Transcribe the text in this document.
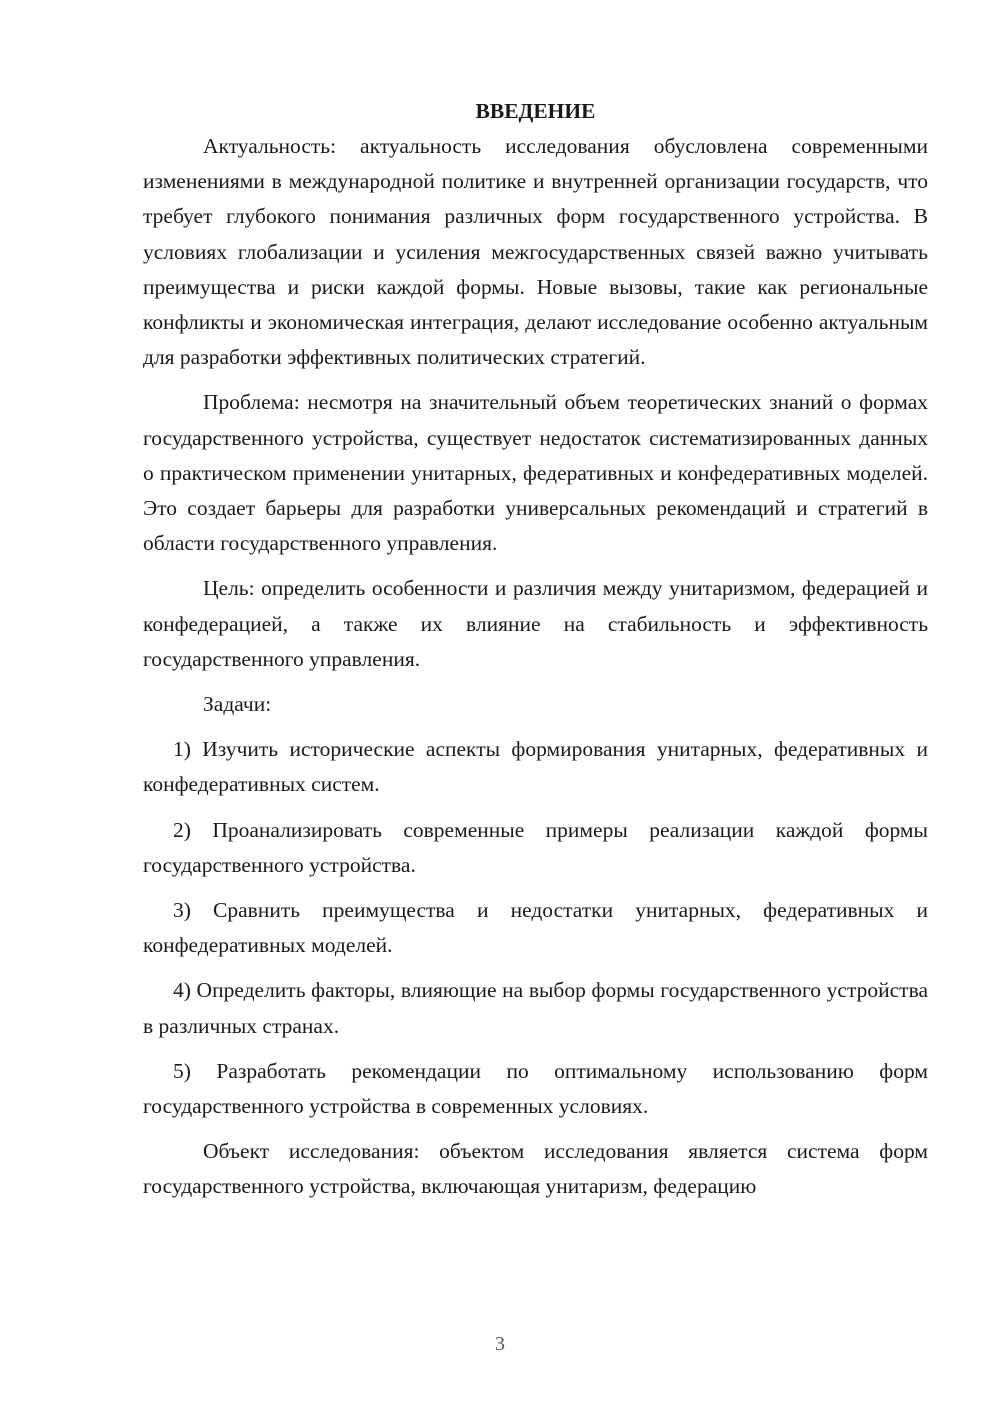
ВВЕДЕНИЕ

Актуальность: актуальность исследования обусловлена современными изменениями в международной политике и внутренней организации государств, что требует глубокого понимания различных форм государственного устройства. В условиях глобализации и усиления межгосударственных связей важно учитывать преимущества и риски каждой формы. Новые вызовы, такие как региональные конфликты и экономическая интеграция, делают исследование особенно актуальным для разработки эффективных политических стратегий.

Проблема: несмотря на значительный объем теоретических знаний о формах государственного устройства, существует недостаток систематизированных данных о практическом применении унитарных, федеративных и конфедеративных моделей. Это создает барьеры для разработки универсальных рекомендаций и стратегий в области государственного управления.

Цель: определить особенности и различия между унитаризмом, федерацией и конфедерацией, а также их влияние на стабильность и эффективность государственного управления.

Задачи:

1) Изучить исторические аспекты формирования унитарных, федеративных и конфедеративных систем.

2) Проанализировать современные примеры реализации каждой формы государственного устройства.

3) Сравнить преимущества и недостатки унитарных, федеративных и конфедеративных моделей.

4) Определить факторы, влияющие на выбор формы государственного устройства в различных странах.

5) Разработать рекомендации по оптимальному использованию форм государственного устройства в современных условиях.

Объект исследования: объектом исследования является система форм государственного устройства, включающая унитаризм, федерацию

3
